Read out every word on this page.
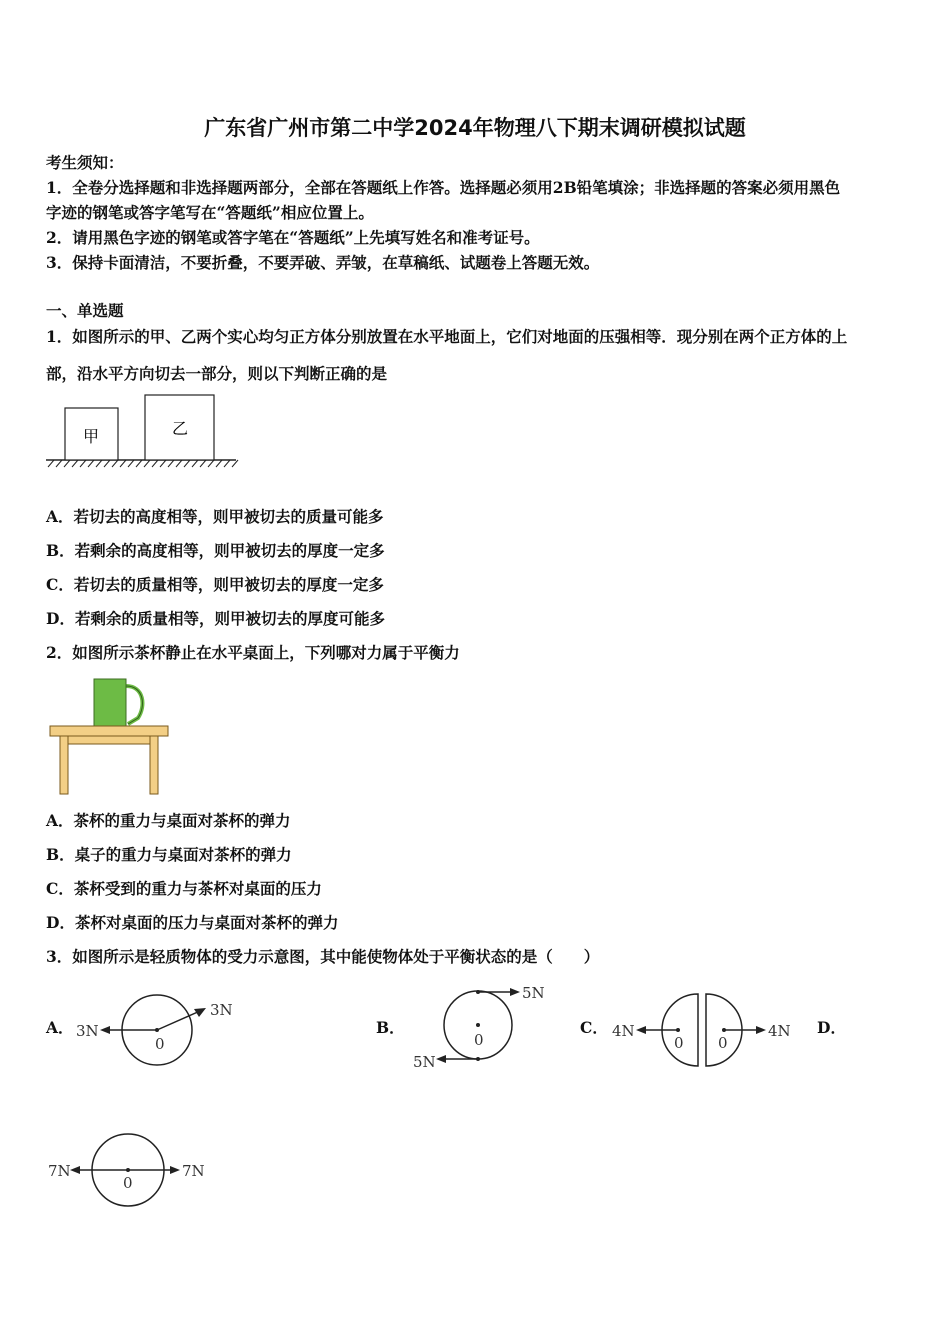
广东省广州市第二中学2024年物理八下期末调研模拟试题
考生须知：
1．全卷分选择题和非选择题两部分，全部在答题纸上作答。选择题必须用2B铅笔填涂；非选择题的答案必须用黑色
字迹的钢笔或答字笔写在“答题纸”相应位置上。
2．请用黑色字迹的钢笔或答字笔在“答题纸”上先填写姓名和准考证号。
3．保持卡面清洁，不要折叠，不要弄破、弄皱，在草稿纸、试题卷上答题无效。
一、单选题
1．如图所示的甲、乙两个实心均匀正方体分别放置在水平地面上，它们对地面的压强相等．现分别在两个正方体的上
部，沿水平方向切去一部分，则以下判断正确的是
甲	乙
A．若切去的高度相等，则甲被切去的质量可能多
B．若剩余的高度相等，则甲被切去的厚度一定多
C．若切去的质量相等，则甲被切去的厚度一定多
D．若剩余的质量相等，则甲被切去的厚度可能多
2．如图所示茶杯静止在水平桌面上，下列哪对力属于平衡力
A．茶杯的重力与桌面对茶杯的弹力
B．桌子的重力与桌面对茶杯的弹力
C．茶杯受到的重力与茶杯对桌面的压力
D．茶杯对桌面的压力与桌面对茶杯的弹力
3．如图所示是轻质物体的受力示意图，其中能使物体处于平衡状态的是（　　）
A．	B．	C．	D．
3N
3N
0
5N
5N
0	4N	4N
0 0
7N	7N
0
